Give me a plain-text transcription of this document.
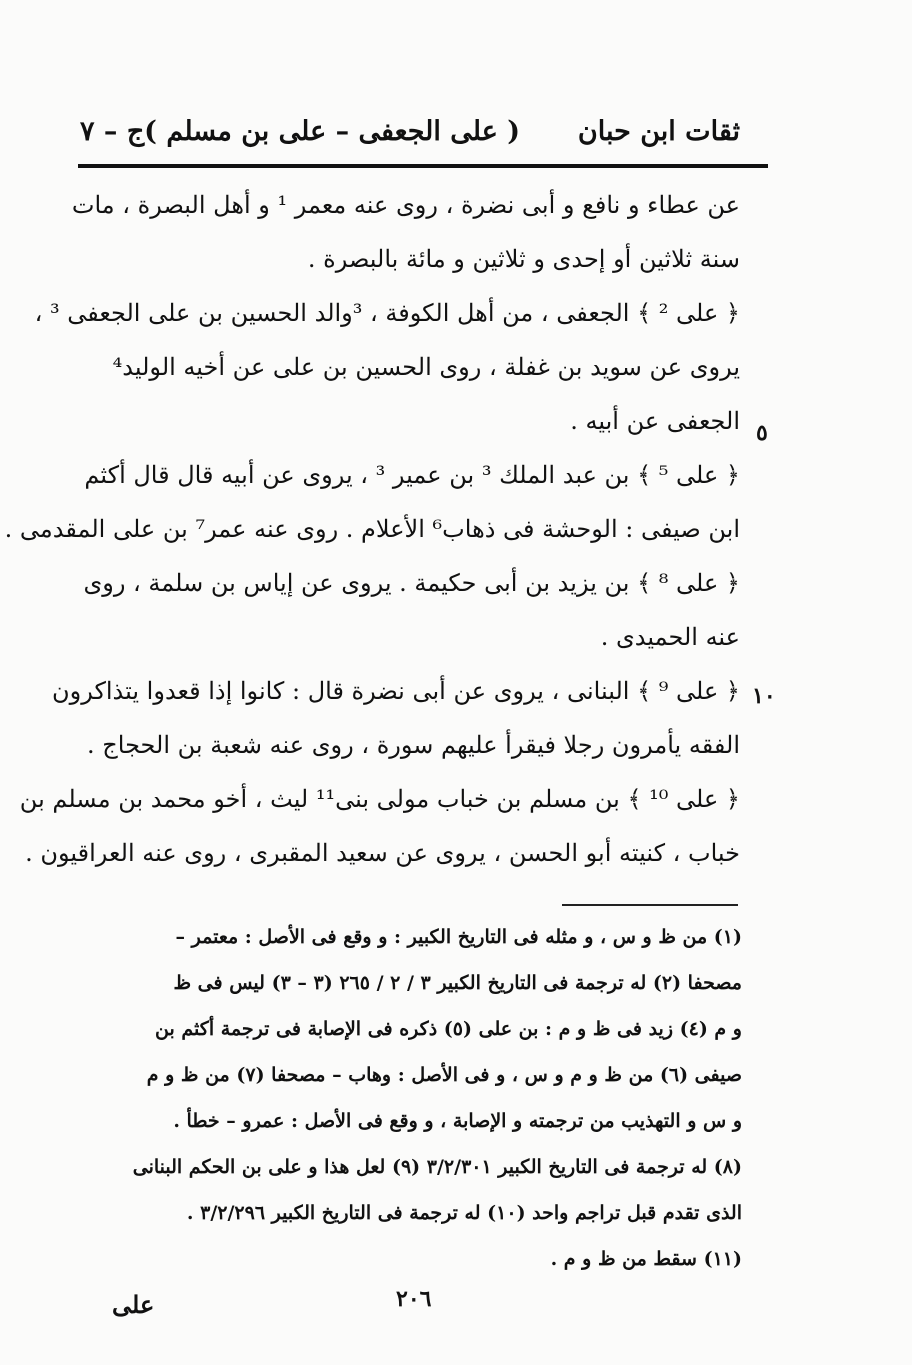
ثقات ابن حبان
( على الجعفى – على بن مسلم )
ج – ٧
عن عطاء و نافع و أبى نضرة ، روى عنه معمر ¹ و أهل البصرة ، مات
سنة ثلاثين أو إحدى و ثلاثين و مائة بالبصرة .
﴿ على ² ﴾ الجعفى ، من أهل الكوفة ، ³والد الحسين بن على الجعفى ³ ،
يروى عن سويد بن غفلة ، روى الحسين بن على عن أخيه الوليد⁴
الجعفى عن أبيه .
﴿ على ⁵ ﴾ بن عبد الملك ³ بن عمير ³ ، يروى عن أبيه قال قال أكثم
ابن صيفى : الوحشة فى ذهاب⁶ الأعلام . روى عنه عمر⁷ بن على المقدمى .
﴿ على ⁸ ﴾ بن يزيد بن أبى حكيمة . يروى عن إياس بن سلمة ، روى
عنه الحميدى .
﴿ على ⁹ ﴾ البنانى ، يروى عن أبى نضرة قال : كانوا إذا قعدوا يتذاكرون
الفقه يأمرون رجلا فيقرأ عليهم سورة ، روى عنه شعبة بن الحجاج .
﴿ على ¹⁰ ﴾ بن مسلم بن خباب مولى بنى¹¹ ليث ، أخو محمد بن مسلم بن
خباب ، كنيته أبو الحسن ، يروى عن سعيد المقبرى ، روى عنه العراقيون .
٥
١٠
(١) من ظ و س ، و مثله فى التاريخ الكبير : و وقع فى الأصل : معتمر –
مصحفا (٢) له ترجمة فى التاريخ الكبير ٣ / ٢ / ٢٦٥ (٣ – ٣) ليس فى ظ
و م (٤) زيد فى ظ و م : بن على (٥) ذكره فى الإصابة فى ترجمة أكثم بن
صيفى (٦) من ظ و م و س ، و فى الأصل : وهاب – مصحفا (٧) من ظ و م
و س و التهذيب من ترجمته و الإصابة ، و وقع فى الأصل : عمرو – خطأ .
(٨) له ترجمة فى التاريخ الكبير ٣/٢/٣٠١ (٩) لعل هذا و على بن الحكم البنانى
الذى تقدم قبل تراجم واحد (١٠) له ترجمة فى التاريخ الكبير ٣/٢/٢٩٦ .
(١١) سقط من ظ و م .
٢٠٦
على
